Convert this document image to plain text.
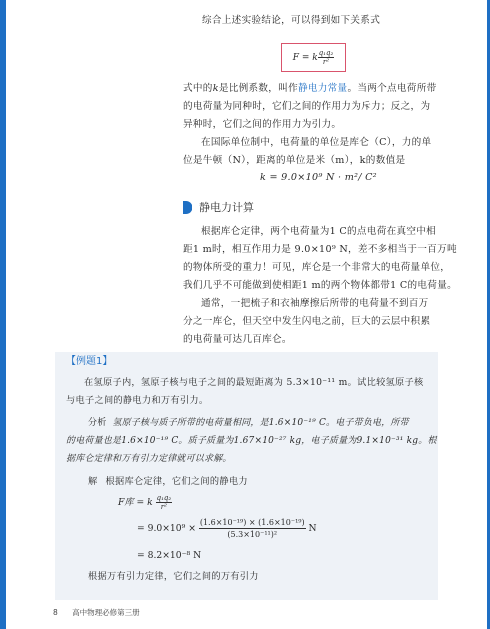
综合上述实验结论，可以得到如下关系式
F = k $\frac{\text{q₁q₂}}{\text{r²}}$
式中的k是比例系数，叫作静电力常量。当两个点电荷所带
的电荷量为同种时，它们之间的作用力为斥力；反之，为
异种时，它们之间的作用力为引力。
在国际单位制中，电荷量的单位是库仑（C），力的单
位是牛顿（N），距离的单位是米（m），k的数值是
k = 9.0×10⁹ N · m²/ C²
静电力计算
根据库仑定律，两个电荷量为1 C的点电荷在真空中相
距1 m时，相互作用力是 9.0×10⁹ N，差不多相当于一百万吨
的物体所受的重力！可见，库仑是一个非常大的电荷量单位，
我们几乎不可能做到使相距1 m的两个物体都带1 C的电荷量。
通常，一把梳子和衣袖摩擦后所带的电荷量不到百万
分之一库仑，但天空中发生闪电之前，巨大的云层中积累
的电荷量可达几百库仑。
【例题1】
在氢原子内，氢原子核与电子之间的最短距离为 5.3×10⁻¹¹ m。试比较氢原子核
与电子之间的静电力和万有引力。
分析 氢原子核与质子所带的电荷量相同，是1.6×10⁻¹⁹ C。电子带负电，所带
的电荷量也是1.6×10⁻¹⁹ C。质子质量为1.67×10⁻²⁷ kg，电子质量为9.1×10⁻³¹ kg。根
据库仑定律和万有引力定律就可以求解。
解 根据库仑定律，它们之间的静电力
F库 = k $\frac{\text{q₁q₂}}{\text{r²}}$
= $9.0\times 10^9 \times \frac{\text{(1.6×10⁻¹⁹) × (1.6×10⁻¹⁹)}}{\text{(5.3×10⁻¹¹)²}}$ N
= 8.2×10⁻⁸ N
根据万有引力定律，它们之间的万有引力
8 高中物理必修第三册
